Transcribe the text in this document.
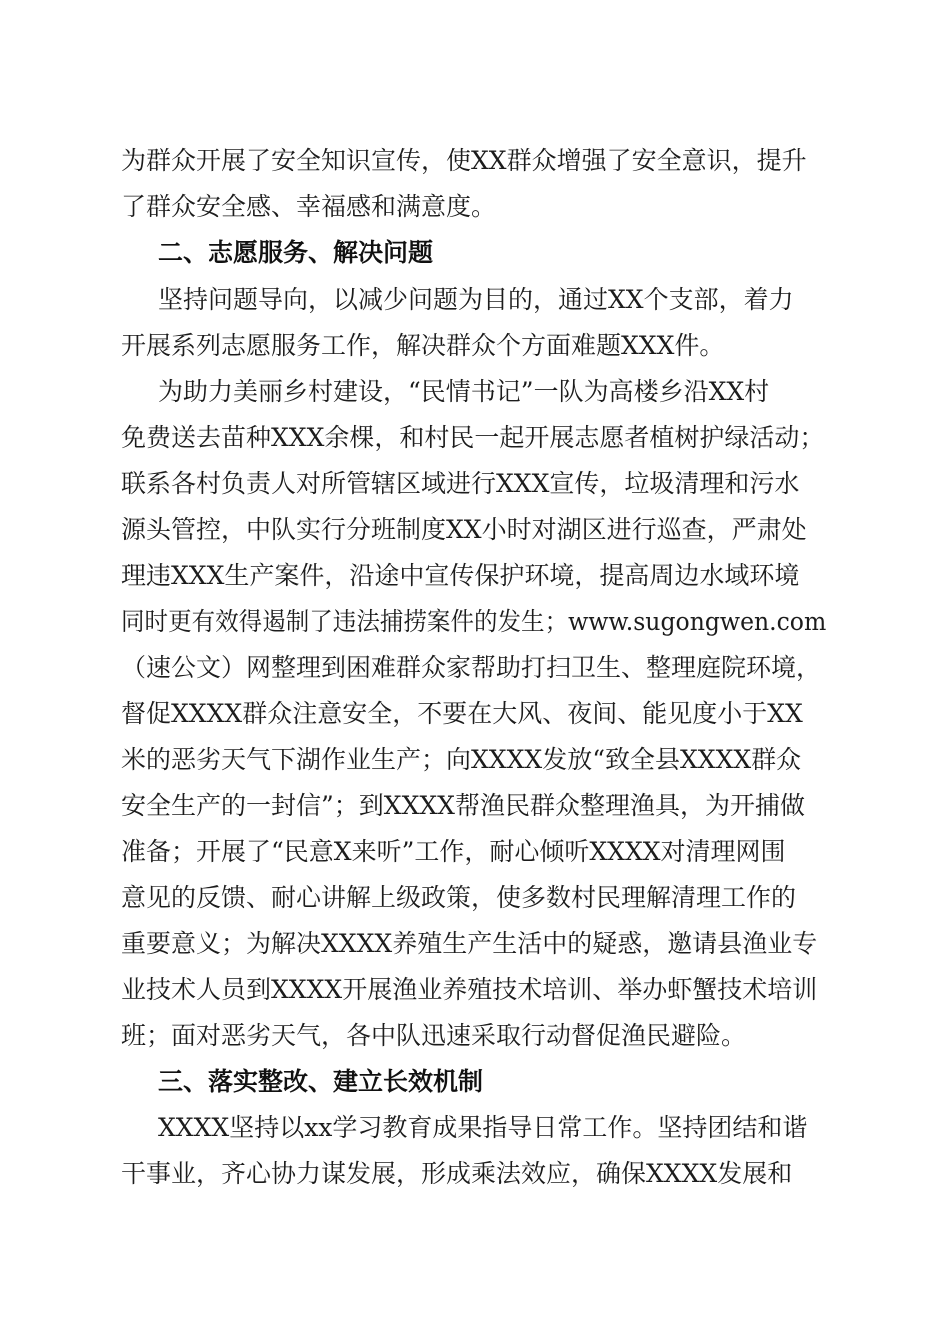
为群众开展了安全知识宣传，使XX群众增强了安全意识，提升
了群众安全感、幸福感和满意度。
二、志愿服务、解决问题
坚持问题导向，以减少问题为目的，通过XX个支部，着力
开展系列志愿服务工作，解决群众个方面难题XXX件。
为助力美丽乡村建设，“民情书记”一队为高楼乡沿XX村
免费送去苗种XXX余棵，和村民一起开展志愿者植树护绿活动；
联系各村负责人对所管辖区域进行XXX宣传，垃圾清理和污水
源头管控，中队实行分班制度XX小时对湖区进行巡查，严肃处
理违XXX生产案件，沿途中宣传保护环境，提高周边水域环境
同时更有效得遏制了违法捕捞案件的发生；www.sugongwen.com
（速公文）网整理到困难群众家帮助打扫卫生、整理庭院环境，
督促XXXX群众注意安全，不要在大风、夜间、能见度小于XX
米的恶劣天气下湖作业生产；向XXXX发放“致全县XXXX群众
安全生产的一封信”；到XXXX帮渔民群众整理渔具，为开捕做
准备；开展了“民意X来听”工作，耐心倾听XXXX对清理网围
意见的反馈、耐心讲解上级政策，使多数村民理解清理工作的
重要意义；为解决XXXX养殖生产生活中的疑惑，邀请县渔业专
业技术人员到XXXX开展渔业养殖技术培训、举办虾蟹技术培训
班；面对恶劣天气，各中队迅速采取行动督促渔民避险。
三、落实整改、建立长效机制
XXXX坚持以xx学习教育成果指导日常工作。坚持团结和谐
干事业，齐心协力谋发展，形成乘法效应，确保XXXX发展和
